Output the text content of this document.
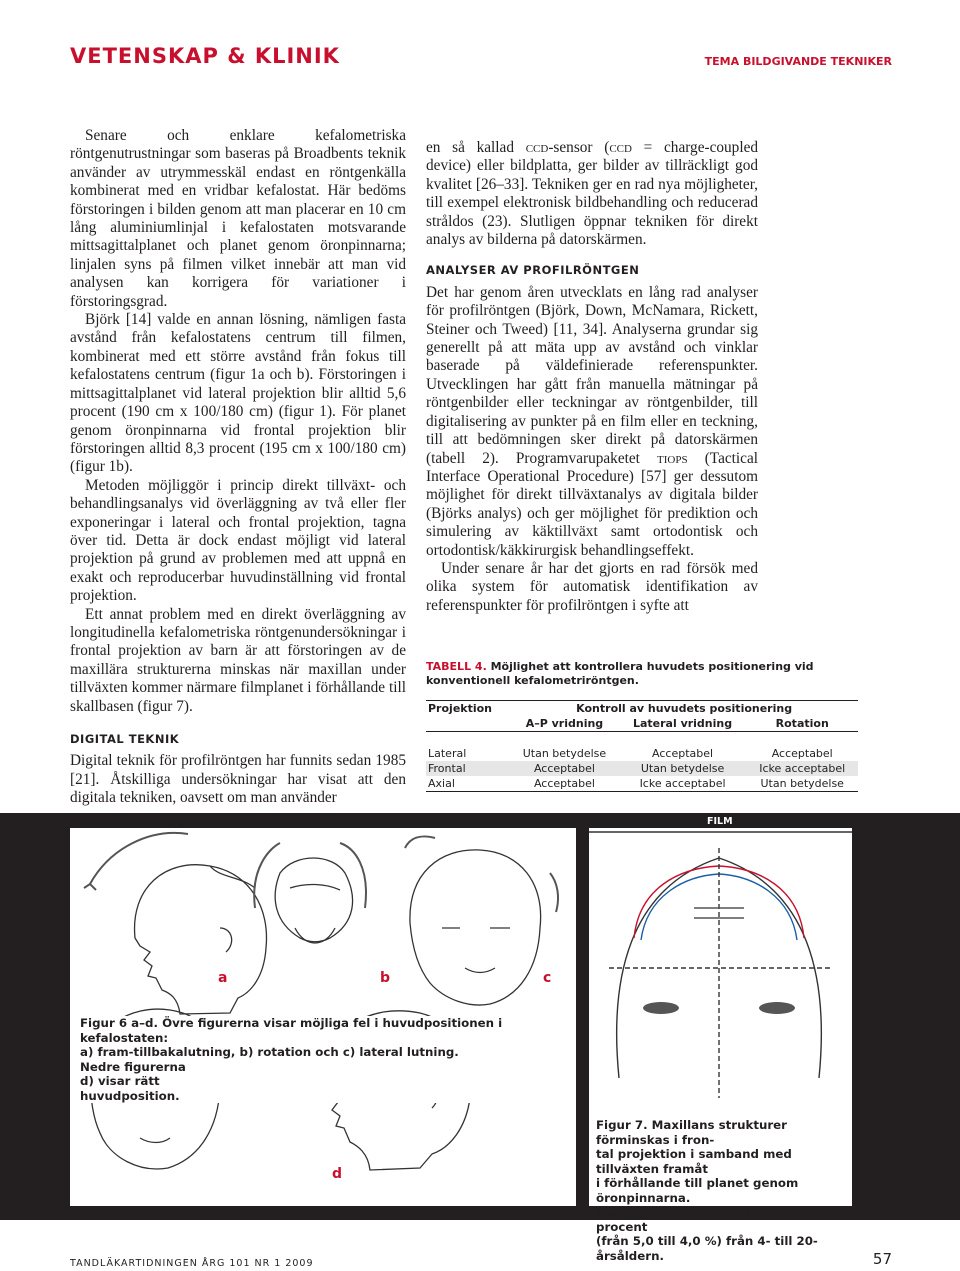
VETENSKAP & KLINIK	TEMA BILDGIVANDE TEKNIKER

Senare och enklare kefalometriska röntgenutrustningar som baseras på Broadbents teknik använder av utrymmesskäl endast en röntgenkälla kombinerat med en vridbar kefalostat. Här bedöms förstoringen i bilden genom att man placerar en 10 cm lång aluminiumlinjal i kefalostaten motsvarande mittsagittalplanet och planet genom öronpinnarna; linjalen syns på filmen vilket innebär att man vid analysen kan korrigera för variationer i förstoringsgrad.

Björk [14] valde en annan lösning, nämligen fasta avstånd från kefalostatens centrum till filmen, kombinerat med ett större avstånd från fokus till kefalostatens centrum (figur 1a och b). Förstoringen i mittsagittalplanet vid lateral projektion blir alltid 5,6 procent (190 cm x 100/180 cm) (figur 1). För planet genom öronpinnarna vid frontal projektion blir förstoringen alltid 8,3 procent (195 cm x 100/180 cm) (figur 1b).

Metoden möjliggör i princip direkt tillväxt- och behandlingsanalys vid överläggning av två eller fler exponeringar i lateral och frontal projektion, tagna över tid. Detta är dock endast möjligt vid lateral projektion på grund av problemen med att uppnå en exakt och reproducerbar huvudinställning vid frontal projektion.

Ett annat problem med en direkt överläggning av longitudinella kefalometriska röntgenundersökningar i frontal projektion av barn är att förstoringen av de maxillära strukturerna minskas när maxillan under tillväxten kommer närmare filmplanet i förhållande till skallbasen (figur 7).

DIGITAL TEKNIK

Digital teknik för profilröntgen har funnits sedan 1985 [21]. Åtskilliga undersökningar har visat att den digitala tekniken, oavsett om man använder

en så kallad ccd-sensor (ccd = charge-coupled device) eller bildplatta, ger bilder av tillräckligt god kvalitet [26–33]. Tekniken ger en rad nya möjligheter, till exempel elektronisk bildbehandling och reducerad stråldos (23). Slutligen öppnar tekniken för direkt analys av bilderna på datorskärmen.

ANALYSER AV PROFILRÖNTGEN

Det har genom åren utvecklats en lång rad analyser för profilröntgen (Björk, Down, McNamara, Rickett, Steiner och Tweed) [11, 34]. Analyserna grundar sig generellt på att mäta upp av avstånd och vinklar baserade på väldefinierade referenspunkter. Utvecklingen har gått från manuella mätningar på röntgenbilder eller teckningar av röntgenbilder, till digitalisering av punkter på en film eller en teckning, till att bedömningen sker direkt på datorskärmen (tabell 2). Programvarupaketet tiops (Tactical Interface Operational Procedure) [57] ger dessutom möjlighet för direkt tillväxtanalys av digitala bilder (Björks analys) och ger möjlighet för prediktion och simulering av käktillväxt samt ortodontisk och ortodontisk/käkkirurgisk behandlingseffekt.

Under senare år har det gjorts en rad försök med olika system för automatisk identifikation av referenspunkter för profilröntgen i syfte att

TABELL 4. Möjlighet att kontrollera huvudets positionering vid konventionell kefalometriröntgen.
Projektion	Kontroll av huvudets positionering		
	A–P vridning	Lateral vridning	Rotation

Lateral	Utan betydelse	Acceptabel	Acceptabel
Frontal	Acceptabel	Utan betydelse	Icke acceptabel
Axial	Acceptabel	Icke acceptabel	Utan betydelse
a	b	c
d
Figur 6 a–d. Övre figurerna visar möjliga fel i huvudpositionen i kefalostaten:
a) fram-tillbakalutning, b) rotation och c) lateral lutning.
Nedre figurerna
d) visar rätt
huvudposition.
FILM
Figur 7. Maxillans strukturer förminskas i fron-
tal projektion i samband med tillväxten framåt
i förhållande till planet genom öronpinnarna.
I exemplet minskas bredden med 1 procent
(från 5,0 till 4,0 %) från 4- till 20-årsåldern.
TANDLÄKARTIDNINGEN ÅRG 101 NR 1 2009	57
